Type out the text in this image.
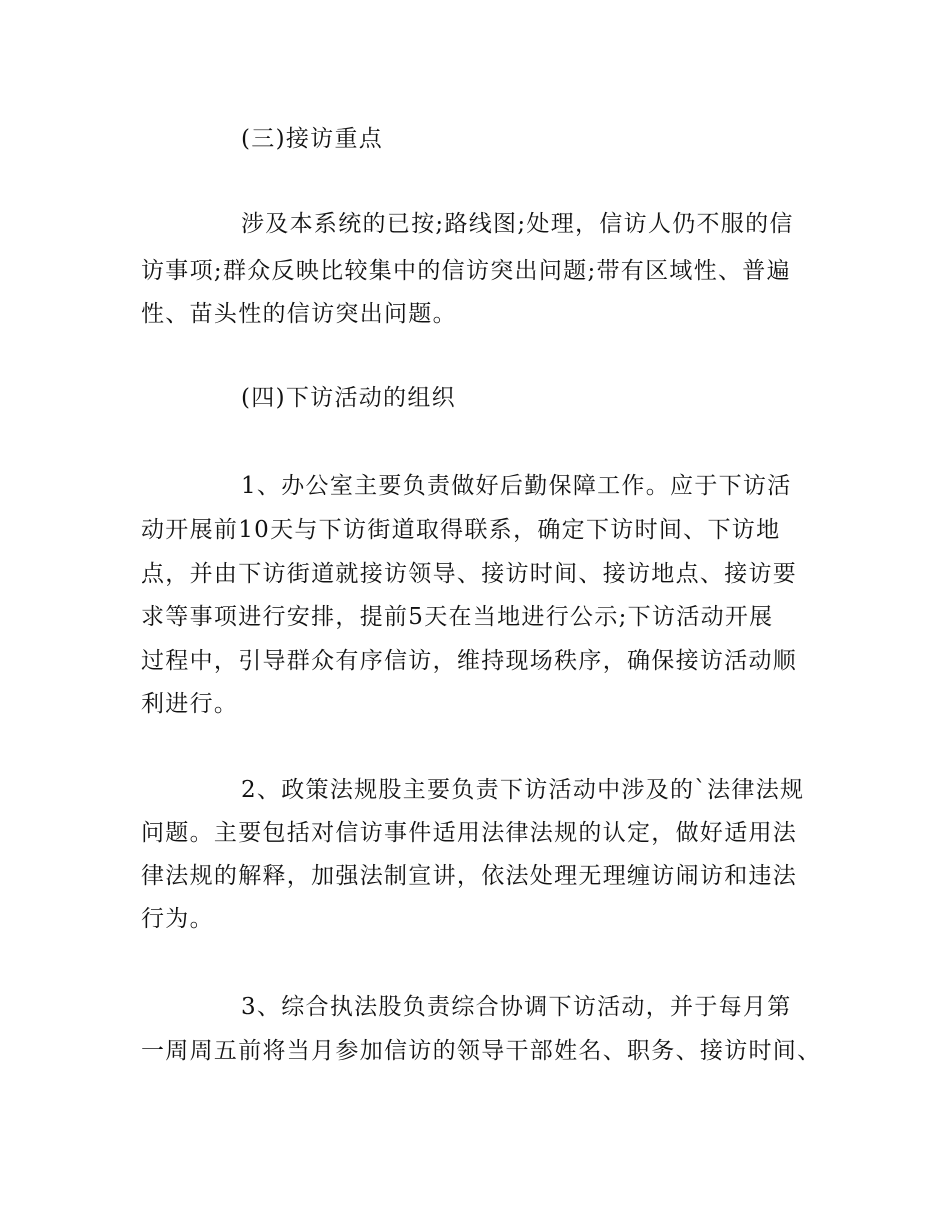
(三)接访重点
涉及本系统的已按;路线图;处理，信访人仍不服的信
访事项;群众反映比较集中的信访突出问题;带有区域性、普遍
性、苗头性的信访突出问题。
(四)下访活动的组织
1、办公室主要负责做好后勤保障工作。应于下访活
动开展前10天与下访街道取得联系，确定下访时间、下访地
点，并由下访街道就接访领导、接访时间、接访地点、接访要
求等事项进行安排，提前5天在当地进行公示;下访活动开展
过程中，引导群众有序信访，维持现场秩序，确保接访活动顺
利进行。
2、政策法规股主要负责下访活动中涉及的`法律法规
问题。主要包括对信访事件适用法律法规的认定，做好适用法
律法规的解释，加强法制宣讲，依法处理无理缠访闹访和违法
行为。
3、综合执法股负责综合协调下访活动，并于每月第
一周周五前将当月参加信访的领导干部姓名、职务、接访时间、
